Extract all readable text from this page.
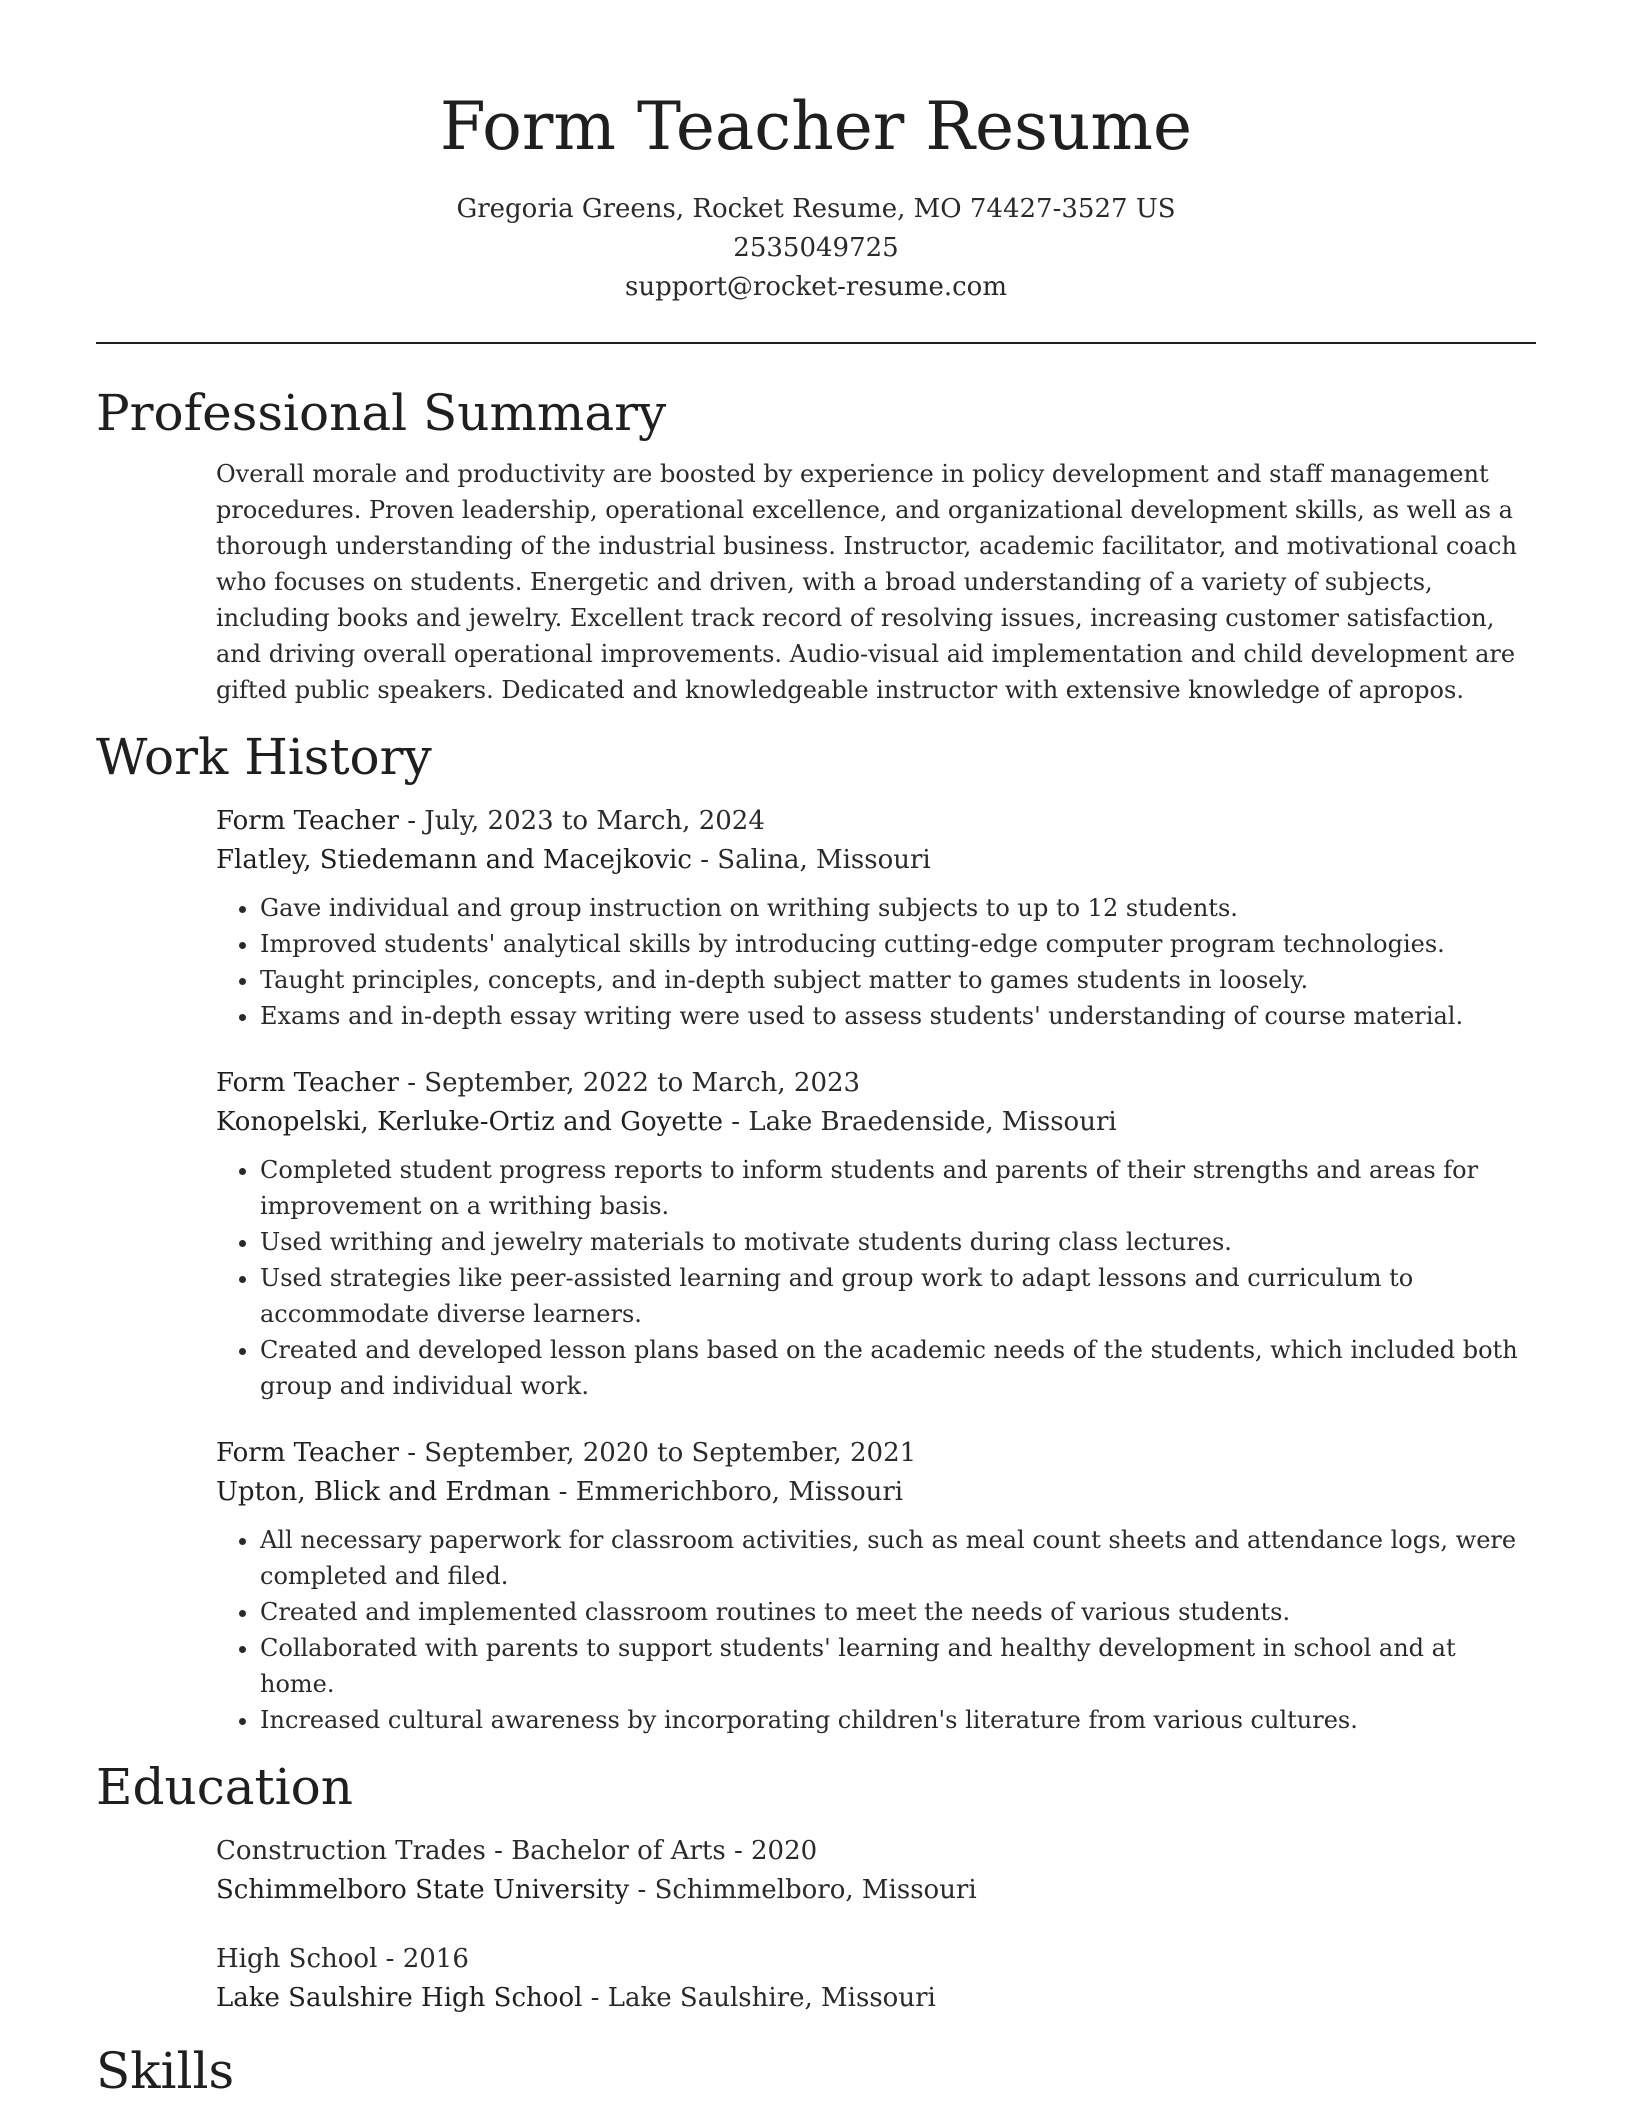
Form Teacher Resume
Gregoria Greens, Rocket Resume, MO 74427-3527 US
2535049725
support@rocket-resume.com
Professional Summary

Overall morale and productivity are boosted by experience in policy development and staff management procedures. Proven leadership, operational excellence, and organizational development skills, as well as a thorough understanding of the industrial business. Instructor, academic facilitator, and motivational coach who focuses on students. Energetic and driven, with a broad understanding of a variety of subjects, including books and jewelry. Excellent track record of resolving issues, increasing customer satisfaction, and driving overall operational improvements. Audio-visual aid implementation and child development are gifted public speakers. Dedicated and knowledgeable instructor with extensive knowledge of apropos.

Work History
Form Teacher - July, 2023 to March, 2024
Flatley, Stiedemann and Macejkovic - Salina, Missouri
• Gave individual and group instruction on writhing subjects to up to 12 students.
• Improved students' analytical skills by introducing cutting-edge computer program technologies.
• Taught principles, concepts, and in-depth subject matter to games students in loosely.
• Exams and in-depth essay writing were used to assess students' understanding of course material.
Form Teacher - September, 2022 to March, 2023
Konopelski, Kerluke-Ortiz and Goyette - Lake Braedenside, Missouri
• Completed student progress reports to inform students and parents of their strengths and areas for improvement on a writhing basis.
• Used writhing and jewelry materials to motivate students during class lectures.
• Used strategies like peer-assisted learning and group work to adapt lessons and curriculum to accommodate diverse learners.
• Created and developed lesson plans based on the academic needs of the students, which included both group and individual work.
Form Teacher - September, 2020 to September, 2021
Upton, Blick and Erdman - Emmerichboro, Missouri
• All necessary paperwork for classroom activities, such as meal count sheets and attendance logs, were completed and filed.
• Created and implemented classroom routines to meet the needs of various students.
• Collaborated with parents to support students' learning and healthy development in school and at home.
• Increased cultural awareness by incorporating children's literature from various cultures.
Education
Construction Trades - Bachelor of Arts - 2020
Schimmelboro State University - Schimmelboro, Missouri
High School - 2016
Lake Saulshire High School - Lake Saulshire, Missouri
Skills
